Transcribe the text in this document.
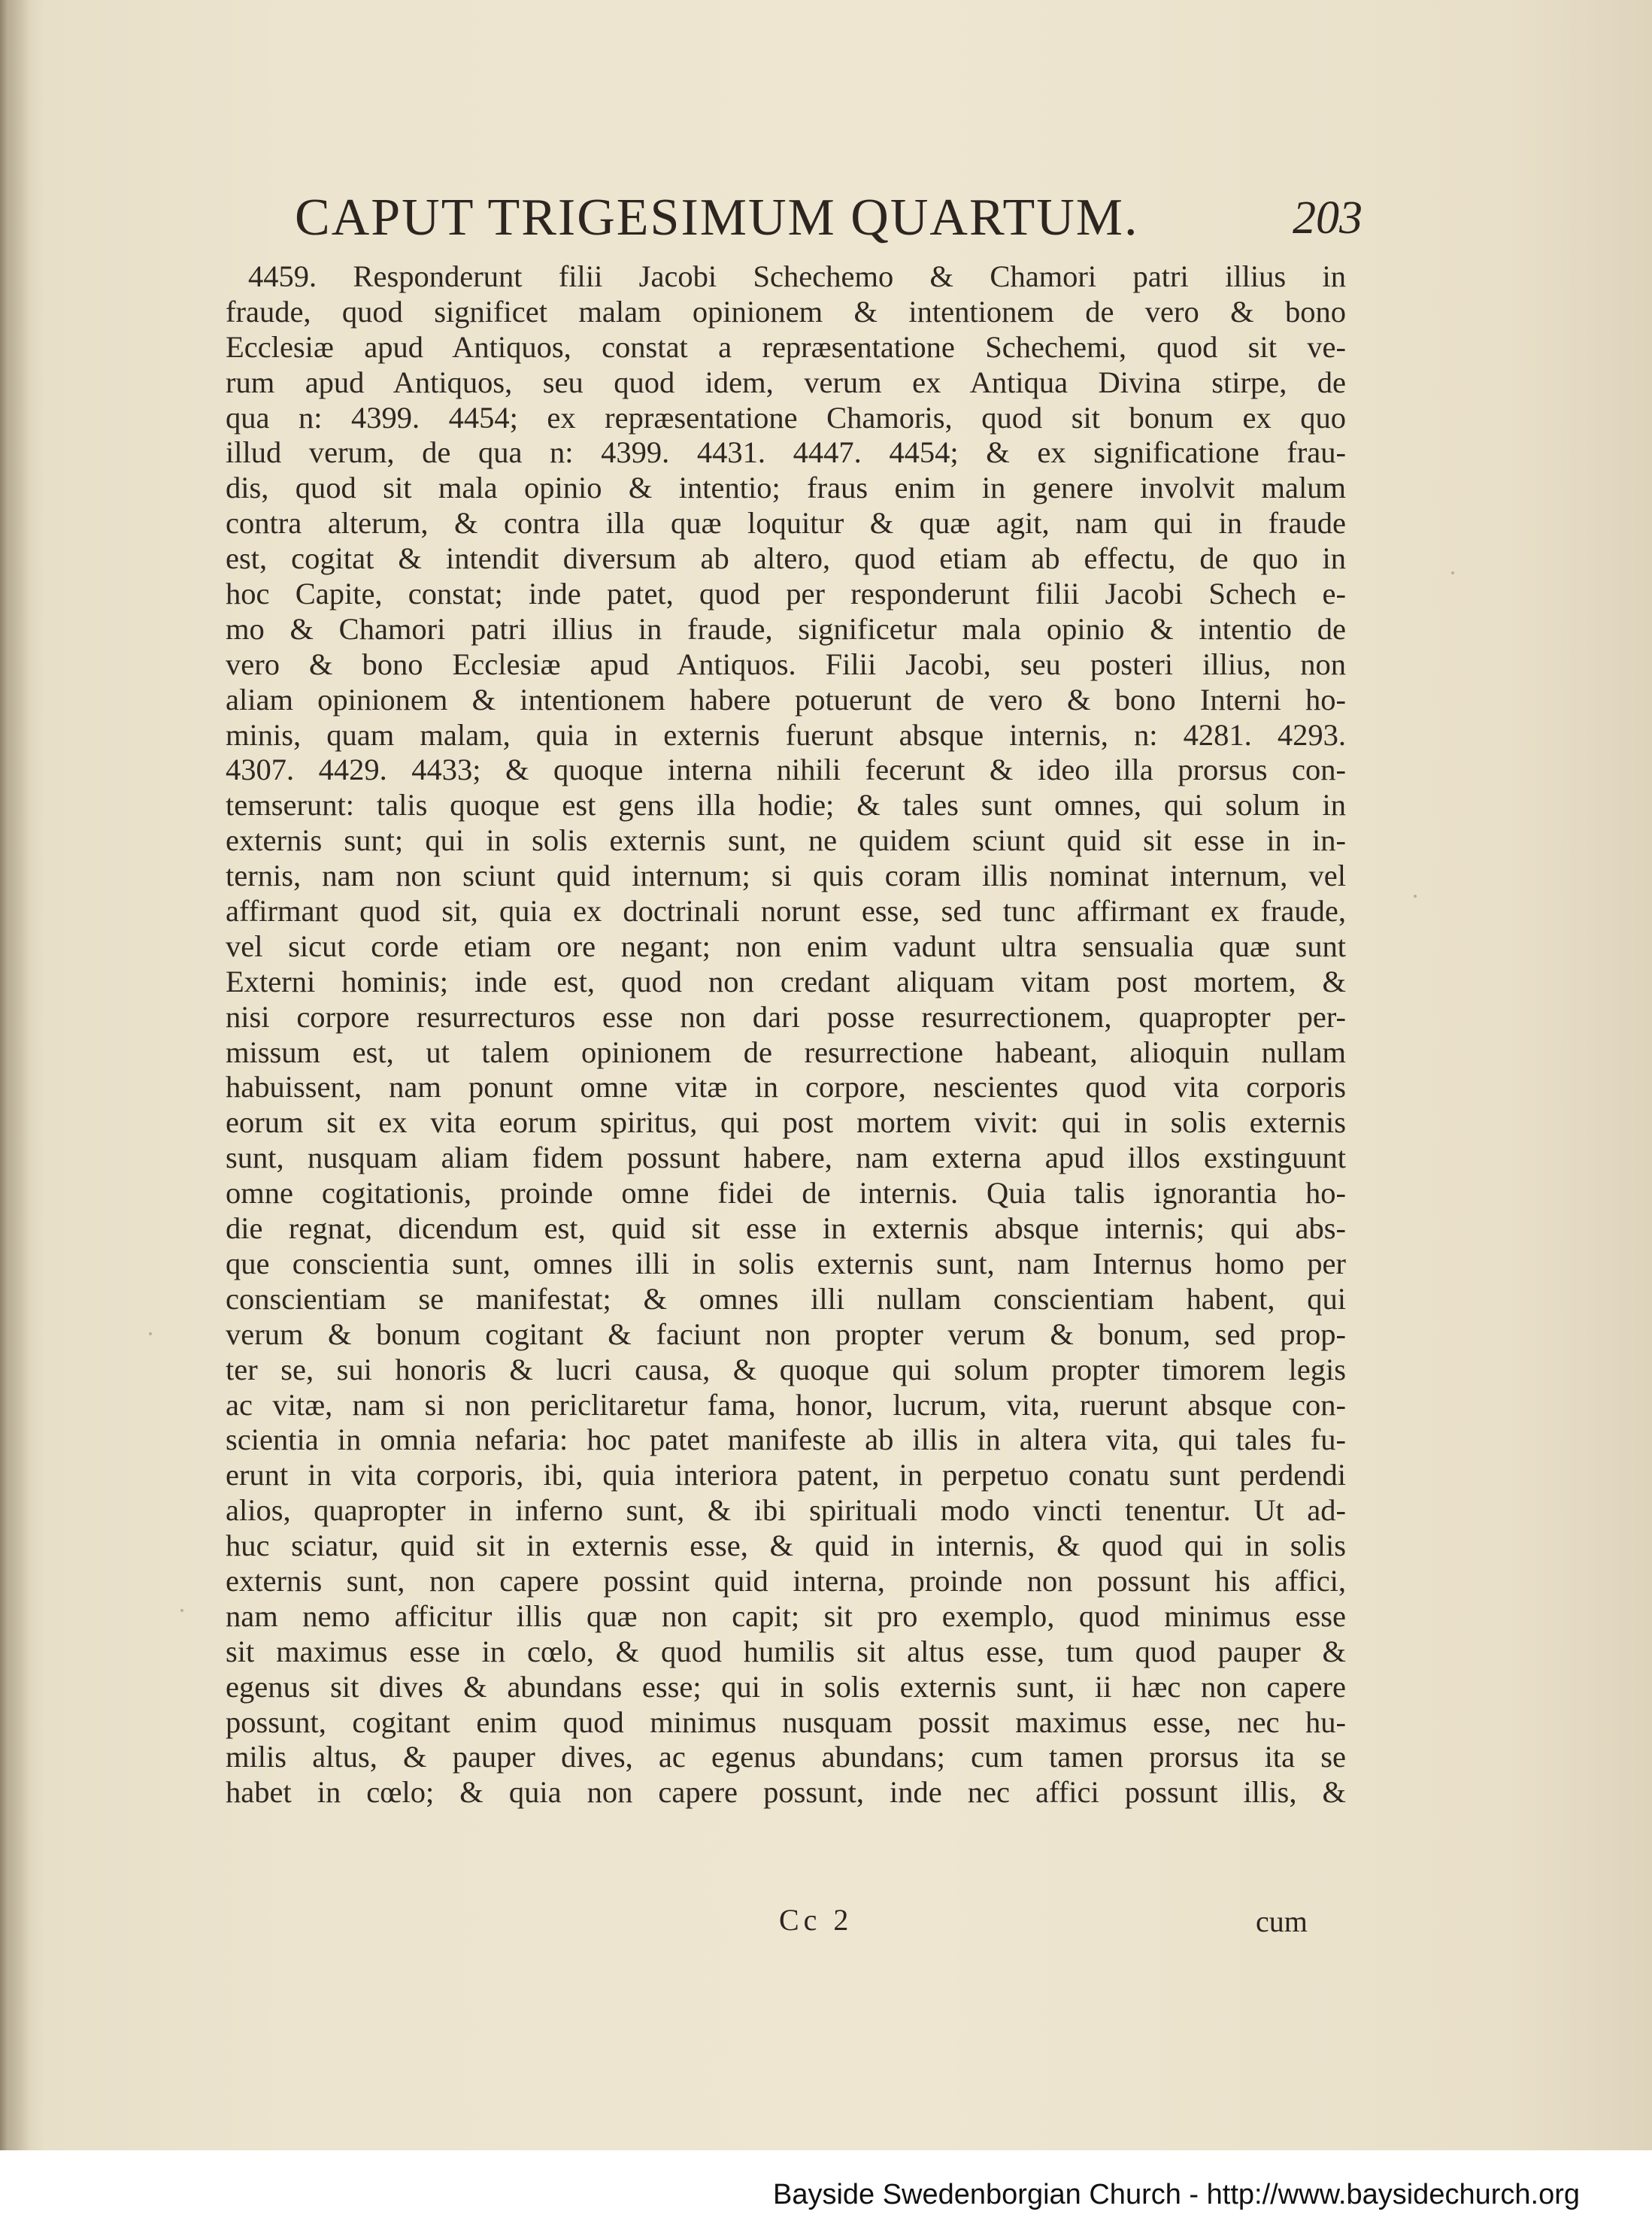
CAPUT TRIGESIMUM QUARTUM.	203
4459. Responderunt filii Jacobi Schechemo & Chamori patri illius in
fraude, quod significet malam opinionem & intentionem de vero & bono
Ecclesiæ apud Antiquos, constat a repræsentatione Schechemi, quod sit ve-
rum apud Antiquos, seu quod idem, verum ex Antiqua Divina stirpe, de
qua n: 4399. 4454; ex repræsentatione Chamoris, quod sit bonum ex quo
illud verum, de qua n: 4399. 4431. 4447. 4454; & ex significatione frau-
dis, quod sit mala opinio & intentio; fraus enim in genere involvit malum
contra alterum, & contra illa quæ loquitur & quæ agit, nam qui in fraude
est, cogitat & intendit diversum ab altero, quod etiam ab effectu, de quo in
hoc Capite, constat; inde patet, quod per responderunt filii Jacobi Schech e-
mo & Chamori patri illius in fraude, significetur mala opinio & intentio de
vero & bono Ecclesiæ apud Antiquos. Filii Jacobi, seu posteri illius, non
aliam opinionem & intentionem habere potuerunt de vero & bono Interni ho-
minis, quam malam, quia in externis fuerunt absque internis, n: 4281. 4293.
4307. 4429. 4433; & quoque interna nihili fecerunt & ideo illa prorsus con-
temserunt: talis quoque est gens illa hodie; & tales sunt omnes, qui solum in
externis sunt; qui in solis externis sunt, ne quidem sciunt quid sit esse in in-
ternis, nam non sciunt quid internum; si quis coram illis nominat internum, vel
affirmant quod sit, quia ex doctrinali norunt esse, sed tunc affirmant ex fraude,
vel sicut corde etiam ore negant; non enim vadunt ultra sensualia quæ sunt
Externi hominis; inde est, quod non credant aliquam vitam post mortem, &
nisi corpore resurrecturos esse non dari posse resurrectionem, quapropter per-
missum est, ut talem opinionem de resurrectione habeant, alioquin nullam
habuissent, nam ponunt omne vitæ in corpore, nescientes quod vita corporis
eorum sit ex vita eorum spiritus, qui post mortem vivit: qui in solis externis
sunt, nusquam aliam fidem possunt habere, nam externa apud illos exstinguunt
omne cogitationis, proinde omne fidei de internis. Quia talis ignorantia ho-
die regnat, dicendum est, quid sit esse in externis absque internis; qui abs-
que conscientia sunt, omnes illi in solis externis sunt, nam Internus homo per
conscientiam se manifestat; & omnes illi nullam conscientiam habent, qui
verum & bonum cogitant & faciunt non propter verum & bonum, sed prop-
ter se, sui honoris & lucri causa, & quoque qui solum propter timorem legis
ac vitæ, nam si non periclitaretur fama, honor, lucrum, vita, ruerunt absque con-
scientia in omnia nefaria: hoc patet manifeste ab illis in altera vita, qui tales fu-
erunt in vita corporis, ibi, quia interiora patent, in perpetuo conatu sunt perdendi
alios, quapropter in inferno sunt, & ibi spirituali modo vincti tenentur. Ut ad-
huc sciatur, quid sit in externis esse, & quid in internis, & quod qui in solis
externis sunt, non capere possint quid interna, proinde non possunt his affici,
nam nemo afficitur illis quæ non capit; sit pro exemplo, quod minimus esse
sit maximus esse in cœlo, & quod humilis sit altus esse, tum quod pauper &
egenus sit dives & abundans esse; qui in solis externis sunt, ii hæc non capere
possunt, cogitant enim quod minimus nusquam possit maximus esse, nec hu-
milis altus, & pauper dives, ac egenus abundans; cum tamen prorsus ita se
habet in cœlo; & quia non capere possunt, inde nec affici possunt illis, &
Cc 2	cum
Bayside Swedenborgian Church - http://www.baysidechurch.org
